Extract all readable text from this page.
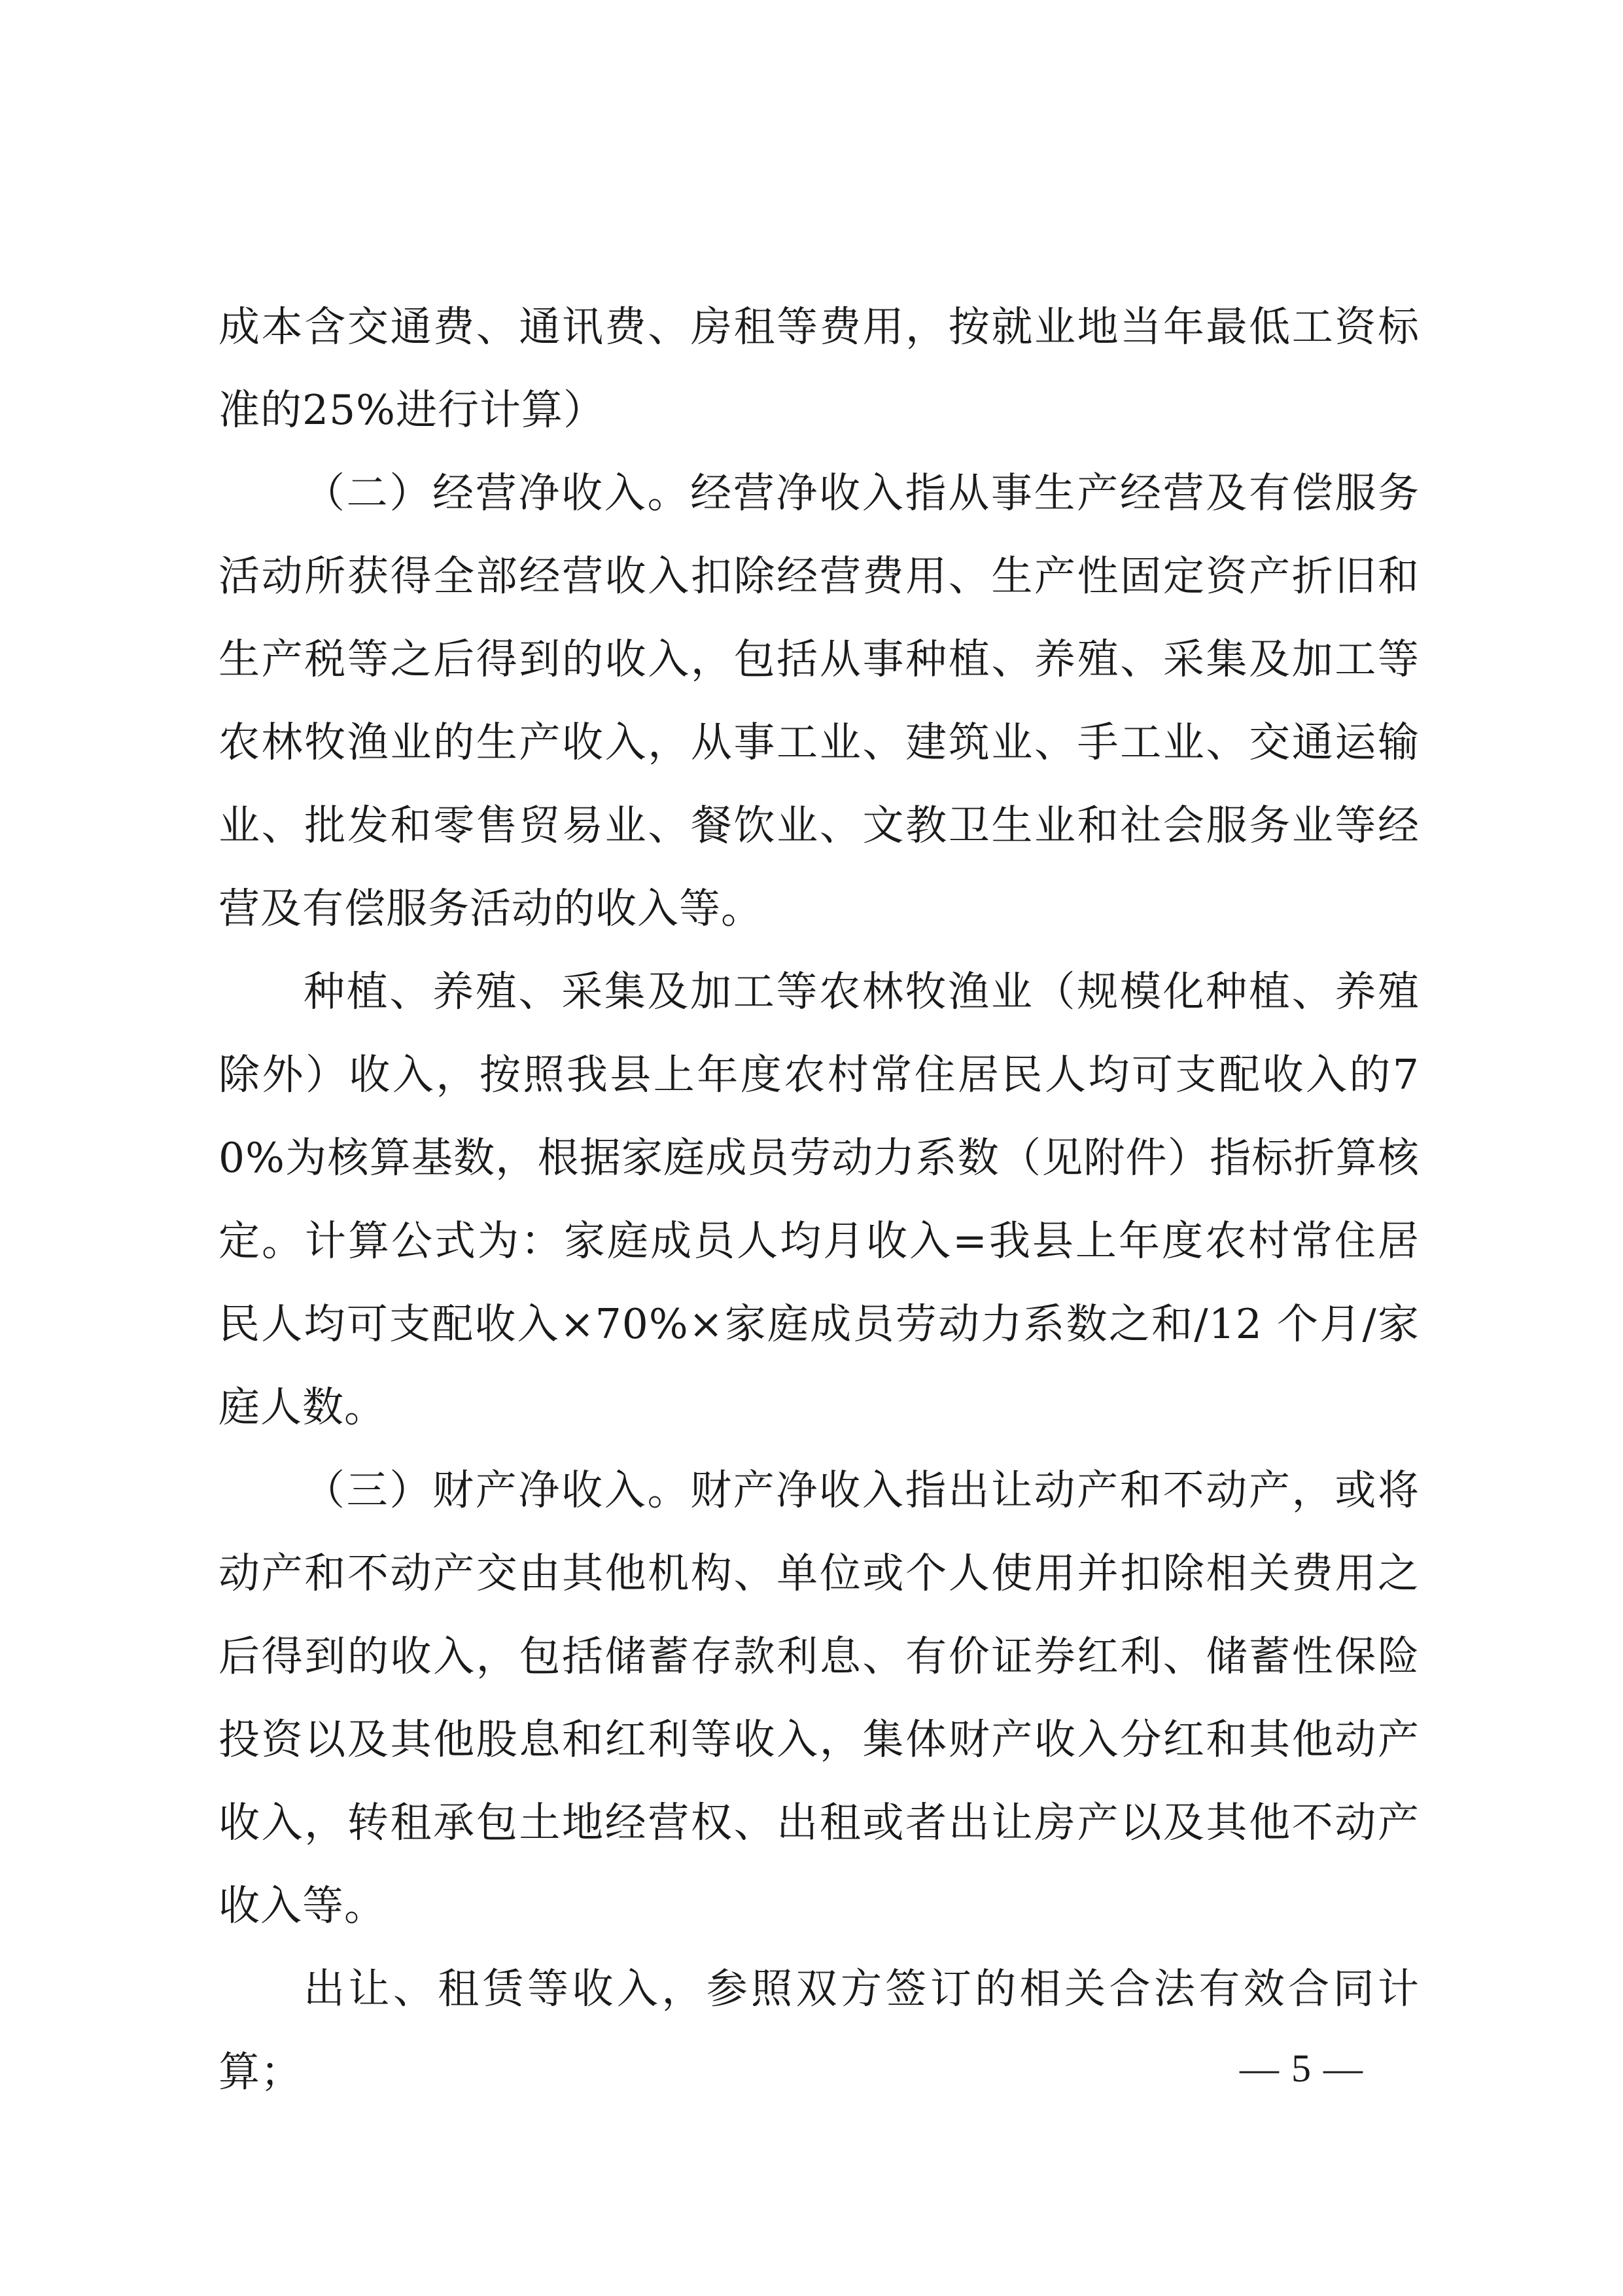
成本含交通费、通讯费、房租等费用，按就业地当年最低工资标准的25%进行计算）

（二）经营净收入。经营净收入指从事生产经营及有偿服务活动所获得全部经营收入扣除经营费用、生产性固定资产折旧和生产税等之后得到的收入，包括从事种植、养殖、采集及加工等农林牧渔业的生产收入，从事工业、建筑业、手工业、交通运输业、批发和零售贸易业、餐饮业、文教卫生业和社会服务业等经营及有偿服务活动的收入等。

种植、养殖、采集及加工等农林牧渔业（规模化种植、养殖除外）收入，按照我县上年度农村常住居民人均可支配收入的70%为核算基数，根据家庭成员劳动力系数（见附件）指标折算核定。计算公式为：家庭成员人均月收入=我县上年度农村常住居民人均可支配收入×70%×家庭成员劳动力系数之和/12 个月/家庭人数。

（三）财产净收入。财产净收入指出让动产和不动产，或将动产和不动产交由其他机构、单位或个人使用并扣除相关费用之后得到的收入，包括储蓄存款利息、有价证券红利、储蓄性保险投资以及其他股息和红利等收入，集体财产收入分红和其他动产收入，转租承包土地经营权、出租或者出让房产以及其他不动产收入等。

出让、租赁等收入，参照双方签订的相关合法有效合同计算；	— 5 —
